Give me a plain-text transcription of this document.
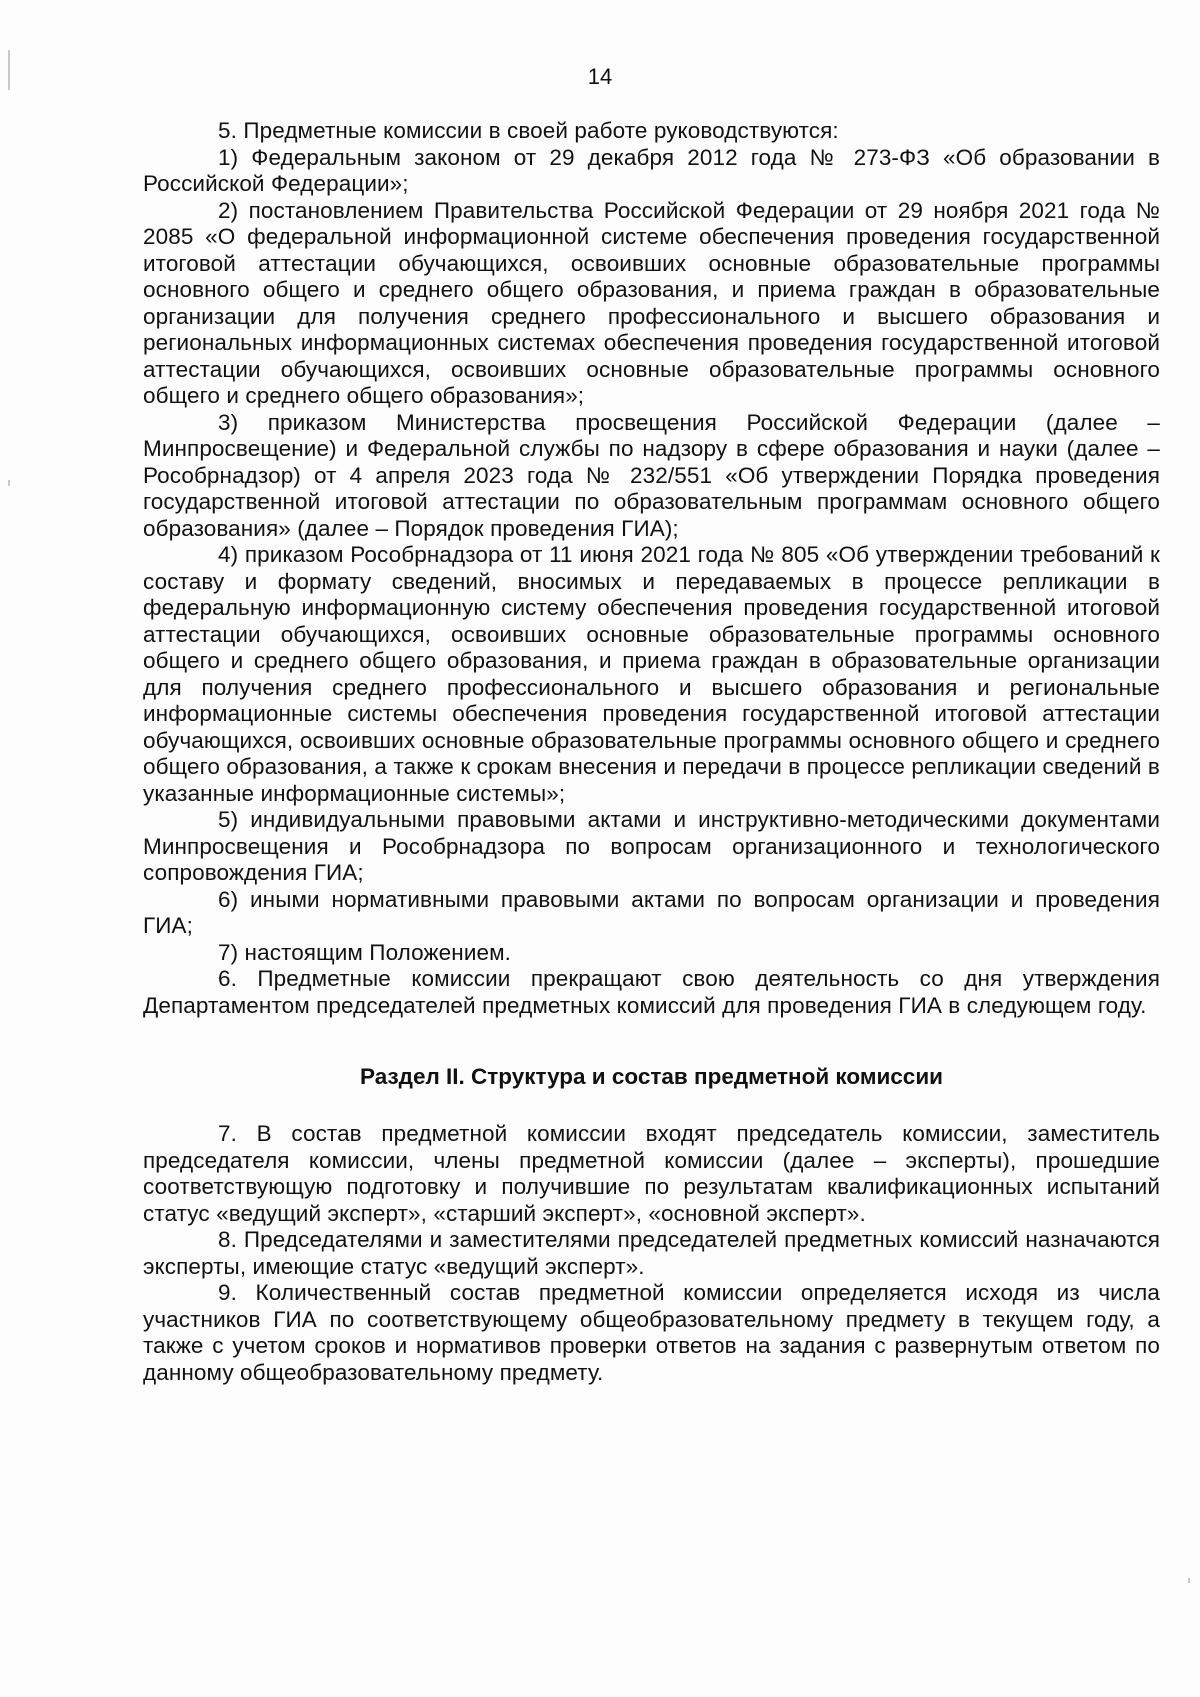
14

5. Предметные комиссии в своей работе руководствуются:

1) Федеральным законом от 29 декабря 2012 года № 273-ФЗ «Об образовании в Российской Федерации»;

2) постановлением Правительства Российской Федерации от 29 ноября 2021 года № 2085 «О федеральной информационной системе обеспечения проведения государственной итоговой аттестации обучающихся, освоивших основные образовательные программы основного общего и среднего общего образования, и приема граждан в образовательные организации для получения среднего профессионального и высшего образования и региональных информационных системах обеспечения проведения государственной итоговой аттестации обучающихся, освоивших основные образовательные программы основного общего и среднего общего образования»;

3) приказом Министерства просвещения Российской Федерации (далее – Минпросвещение) и Федеральной службы по надзору в сфере образования и науки (далее – Рособрнадзор) от 4 апреля 2023 года № 232/551 «Об утверждении Порядка проведения государственной итоговой аттестации по образовательным программам основного общего образования» (далее – Порядок проведения ГИА);

4) приказом Рособрнадзора от 11 июня 2021 года № 805 «Об утверждении требований к составу и формату сведений, вносимых и передаваемых в процессе репликации в федеральную информационную систему обеспечения проведения государственной итоговой аттестации обучающихся, освоивших основные образовательные программы основного общего и среднего общего образования, и приема граждан в образовательные организации для получения среднего профессионального и высшего образования и региональные информационные системы обеспечения проведения государственной итоговой аттестации обучающихся, освоивших основные образовательные программы основного общего и среднего общего образования, а также к срокам внесения и передачи в процессе репликации сведений в указанные информационные системы»;

5) индивидуальными правовыми актами и инструктивно-методическими документами Минпросвещения и Рособрнадзора по вопросам организационного и технологического сопровождения ГИА;

6) иными нормативными правовыми актами по вопросам организации и проведения ГИА;

7) настоящим Положением.

6. Предметные комиссии прекращают свою деятельность со дня утверждения Департаментом председателей предметных комиссий для проведения ГИА в следующем году.

Раздел II. Структура и состав предметной комиссии

7. В состав предметной комиссии входят председатель комиссии, заместитель председателя комиссии, члены предметной комиссии (далее – эксперты), прошедшие соответствующую подготовку и получившие по результатам квалификационных испытаний статус «ведущий эксперт», «старший эксперт», «основной эксперт».

8. Председателями и заместителями председателей предметных комиссий назначаются эксперты, имеющие статус «ведущий эксперт».

9. Количественный состав предметной комиссии определяется исходя из числа участников ГИА по соответствующему общеобразовательному предмету в текущем году, а также с учетом сроков и нормативов проверки ответов на задания с развернутым ответом по данному общеобразовательному предмету.
